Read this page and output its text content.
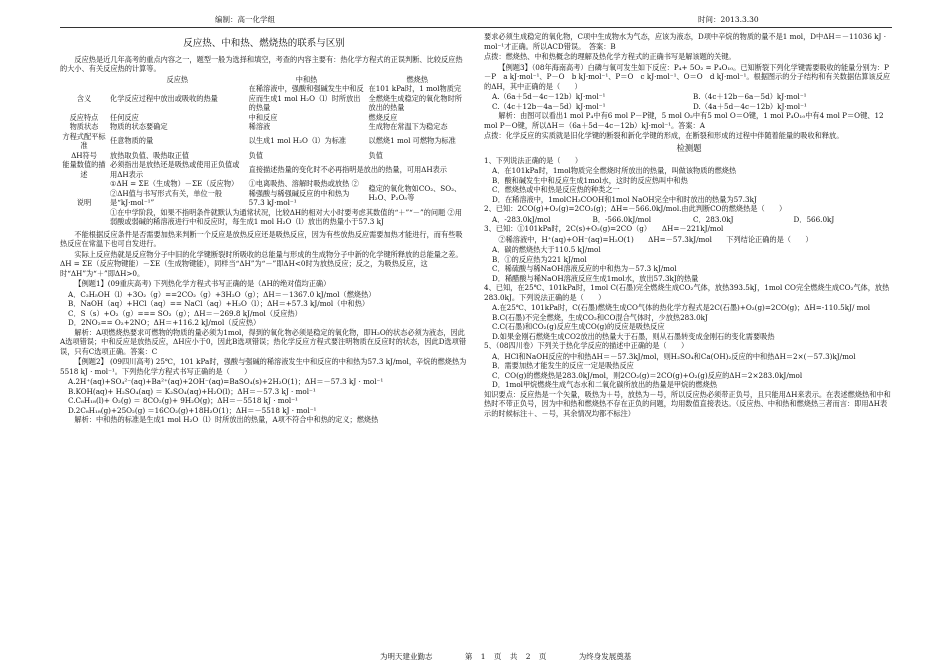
编制：高一化学组	时间：2013.3.30
反应热、中和热、燃烧热的联系与区别

反应热是近几年高考的重点内容之一，题型一般为选择和填空，考查的内容主要有：热化学方程式的正误判断、比较反应热的大小、有关反应热的计算等。

	反应热	中和热	燃烧热
含义	化学反应过程中放出或吸收的热量	在稀溶液中，强酸和强碱发生中和反应而生成1 mol H₂O（l）时所放出的热量	在101 kPa时，1 mol物质完全燃烧生成稳定的氧化物时所放出的热量
反应特点	任何反应	中和反应	燃烧反应
物质状态	物质的状态要确定	稀溶液	生成物在常温下为稳定态
方程式配平标准	任意物质的量	以生成1 mol H₂O（l）为标准	以燃烧1 mol 可燃物为标准
ΔH符号	放热取负值、吸热取正值	负值	负值
能量数值的描述	必须指出是放热还是吸热或使用正负值或用ΔH表示	直接描述热量的变化时不必再指明是放出的热量，可用ΔH表示	
说明	①ΔH = ΣE（生成物）－ΣE（反应物）②ΔH值与书写形式有关，单位一般是“kJ·mol⁻¹”	①电离吸热、溶解时吸热或放热 ②稀强酸与稀强碱反应的中和热为57.3 kJ·mol⁻¹	稳定的氧化物如CO₂、SO₂、H₂O、P₂O₅等
	①在中学阶段，如果不指明条件就默认为通常状况，比较ΔH的相对大小时要考虑其数值的“＋”“－”的问题 ②用弱酸或弱碱的稀溶液进行中和反应时，每生成1 mol H₂O（l）放出的热量小于57.3 kJ		

不能根据反应条件是否需要加热来判断一个反应是放热反应还是吸热反应，因为有些放热反应需要加热才能进行，而有些吸热反应在常温下也可自发进行。

实际上反应热就是反应物分子中旧的化学键断裂时所吸收的总能量与形成的生成物分子中新的化学键所释放的总能量之差。ΔH = ΣE（反应物键能）－ΣE（生成物键能），同样当“ΔH”为“－”即ΔH<0时为放热反应；反之，为吸热反应，这时“ΔH”为“＋”即ΔH>0。

【例题1】(09重庆高考) 下列热化学方程式书写正确的是（ΔH的绝对值均正确）

A．C₂H₅OH（l）+3O₂（g）==2CO₂（g）+3H₂O（g）；ΔH＝－1367.0 kJ/mol（燃烧热）
B．NaOH（aq）+HCl（aq）== NaCl（aq）+H₂O（l）；ΔH＝+57.3 kJ/mol（中和热）
C．S（s）+O₂（g）=== SO₂（g）；ΔH＝－269.8 kJ/mol（反应热）
D．2NO₂== O₂+2NO；ΔH＝+116.2 kJ/mol（反应热）

解析：A项燃烧热要求可燃物的物质的量必须为1mol，得到的氧化物必须是稳定的氧化物，即H₂O的状态必须为液态，因此A选项错误；中和反应是放热反应，ΔH应小于0，因此B选项错误；热化学反应方程式要注明物质在反应时的状态，因此D选项错误，只有C选项正确。答案：C

【例题2】 (09四川高考) 25℃，101 kPa时，强酸与强碱的稀溶液发生中和反应的中和热为57.3 kJ/mol，辛烷的燃烧热为5518 kJ · mol⁻¹。下列热化学方程式书写正确的是（　　）

A.2H⁺(aq)+SO₄²⁻(aq)+Ba²⁺(aq)+2OH⁻(aq)=BaSO₄(s)+2H₂O(1)；ΔH＝－57.3 kJ · mol⁻¹
B.KOH(aq)+ H₂SO₄(aq) ＝ K₂SO₄(aq)+H₂O(l)；ΔH＝－57.3 kJ · mol⁻¹
C.C₈H₁₈(l)+ O₂(g) ＝ 8CO₂(g)+ 9H₂O(g)；ΔH＝－5518 kJ · mol⁻¹
D.2C₈H₁₈(g)+25O₂(g) ＝16CO₂(g)+18H₂O(1)；ΔH＝－5518 kJ · mol⁻¹

解析：中和热的标准是生成1 mol H₂O（l）时所放出的热量，A项不符合中和热的定义；燃烧热

要求必须生成稳定的氧化物，C项中生成物水为气态，应该为液态，D项中辛烷的物质的量不是1 mol，D中ΔH＝－11036 kJ · mol⁻¹才正确。所以ACD错误。　答案：B

点拨：燃烧热、中和热概念的理解及热化学方程式的正确书写是解该题的关键。

【例题3】（08年海南高考）白磷与氧可发生如下反应：P₄+ 5O₂ = P₄O₁₀。已知断裂下列化学键需要吸收的能量分别为：P－P　a kJ·mol⁻¹、P－O　b kJ·mol⁻¹、P＝O　c kJ·mol⁻¹、O＝O　d kJ·mol⁻¹。根据图示的分子结构和有关数据估算该反应的ΔH，其中正确的是（　　）

A.（6a＋5d－4c－12b）kJ·mol⁻¹	B.（4c＋12b－6a－5d）kJ·mol⁻¹
C.（4c＋12b－4a－5d）kJ·mol⁻¹	D.（4a＋5d－4c－12b）kJ·mol⁻¹

解析：由图可以看出1 mol P₄中有6 mol P－P键，5 mol O₂中有5 mol O＝O键，1 mol P₄O₁₀中有4 mol P＝O键、12 mol P－O键，所以ΔH＝（6a＋5d－4c－12b）kJ·mol⁻¹。答案：A

点拨：化学反应的实质就是旧化学键的断裂和新化学键的形成，在断裂和形成的过程中伴随着能量的吸收和释放。

检测题

1、下列说法正确的是（　　）

A．在101kPa时，1mol物质完全燃烧时所放出的热量，叫做该物质的燃烧热
B．酸和碱发生中和反应生成1mol水，这时的反应热叫中和热
C．燃烧热或中和热是反应热的种类之一
D．在稀溶液中，1molCH₃COOH和1mol NaOH完全中和时放出的热量为57.3kJ

2、已知：2CO(g)+O₂(g)=2CO₂(g)；ΔH=－566.0kJ/mol.由此判断CO的燃烧热是（　　）

A．-283.0kJ/mol	B．-566.0kJ/mol	C．283.0kJ	D．566.0kJ

3、已知：①101kPa时，2C(s)+O₂(g)=2CO（g）　　ΔH=－221kJ/mol

②稀溶液中，H⁺(aq)+OH⁻(aq)=H₂O(1)　　ΔH=－57.3kJ/mol　　下列结论正确的是（　　）

A．碳的燃烧热大于110.5 kJ/mol
B．①的反应热为221 kJ/mol
C．稀硫酸与稀NaOH溶液反应的中和热为－57.3 kJ/mol
D．稀醋酸与稀NaOH溶液反应生成1mol水，放出57.3kJ的热量

4、已知，在25℃、101kPa时，1mol C(石墨)完全燃烧生成CO₂气体，放热393.5kJ，1mol CO完全燃烧生成CO₂气体，放热283.0kJ。下列说法正确的是（　　）

A.在25℃、101kPa时，C(石墨)燃烧生成CO气体的热化学方程式是2C(石墨)+O₂(g)=2CO(g)；ΔH=-110.5kJ/ mol
B.C(石墨)不完全燃烧，生成CO₂和CO混合气体时，少放热283.0kJ
C.C(石墨)和CO₂(g)反应生成CO(g)的反应是吸热反应
D.如果金刚石燃烧生成CO2放出的热量大于石墨，则从石墨转变成金刚石的变化需要吸热

5、（08四川卷）下列关于热化学反应的描述中正确的是（　　）

A．HCl和NaOH反应的中和热ΔH＝－57.3kJ/mol，则H₂SO₄和Ca(OH)₂反应的中和热ΔH＝2×(－57.3)kJ/mol
B．需要加热才能发生的反应一定是吸热反应
C．CO(g)的燃烧热是283.0kJ/mol，则2CO₂(g)＝2CO(g)+O₂(g)反应的ΔH＝2×283.0kJ/mol
D．1mol甲烷燃烧生成气态水和二氧化碳所放出的热量是甲烷的燃烧热

知识要点：反应热是一个矢量，吸热为＋号，放热为－号，所以反应热必须带正负号，且只能用ΔH来表示。在表述燃烧热和中和热时不带正负号，因为中和热和燃烧热不存在正负的问题，均用数值直接表达。（反应热、中和热和燃烧热三者而言：即用ΔH表示的时候标注＋、－号，其余情况均都不标注）

为明天建业勤志	第 1 页 共 2 页	为终身发展奠基
